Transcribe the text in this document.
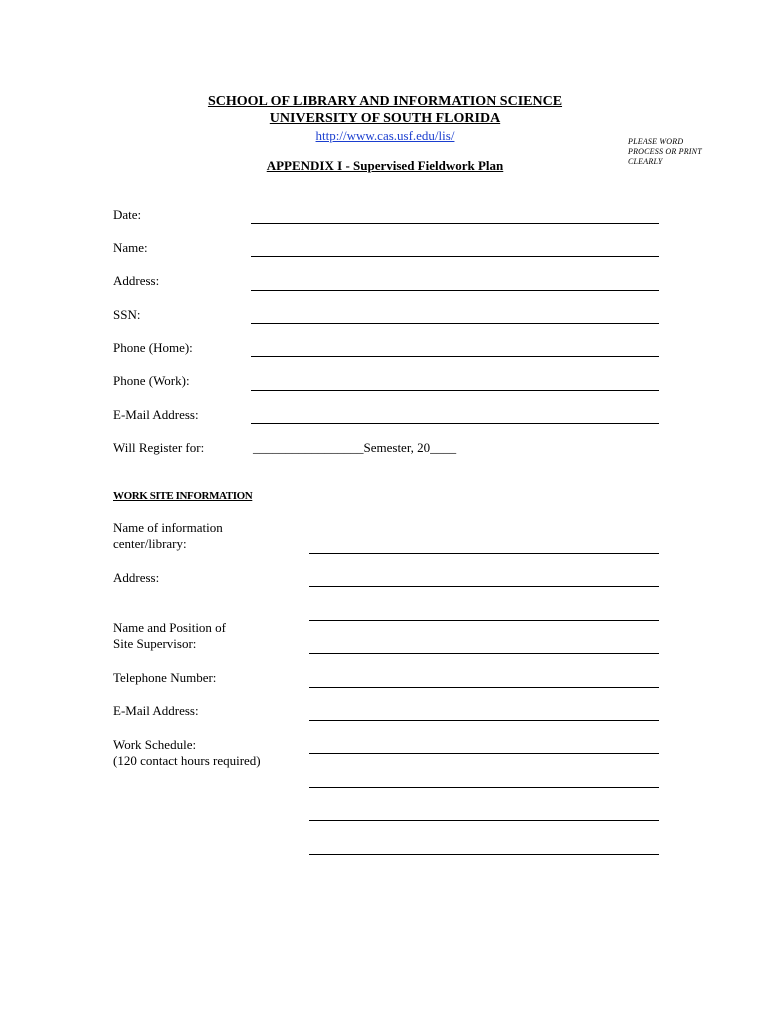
SCHOOL OF LIBRARY AND INFORMATION SCIENCE
UNIVERSITY OF SOUTH FLORIDA
http://www.cas.usf.edu/lis/	PLEASE WORD
PROCESS OR PRINT
CLEARLY
APPENDIX I - Supervised Fieldwork Plan
Date:
Name:
Address:
SSN:
Phone (Home):
Phone (Work):
E-Mail Address:
Will Register for:	_________________Semester, 20____
WORK SITE INFORMATION
Name of information
center/library:
Address:
Name and Position of
Site Supervisor:
Telephone Number:
E-Mail Address:
Work Schedule:
(120 contact hours required)
